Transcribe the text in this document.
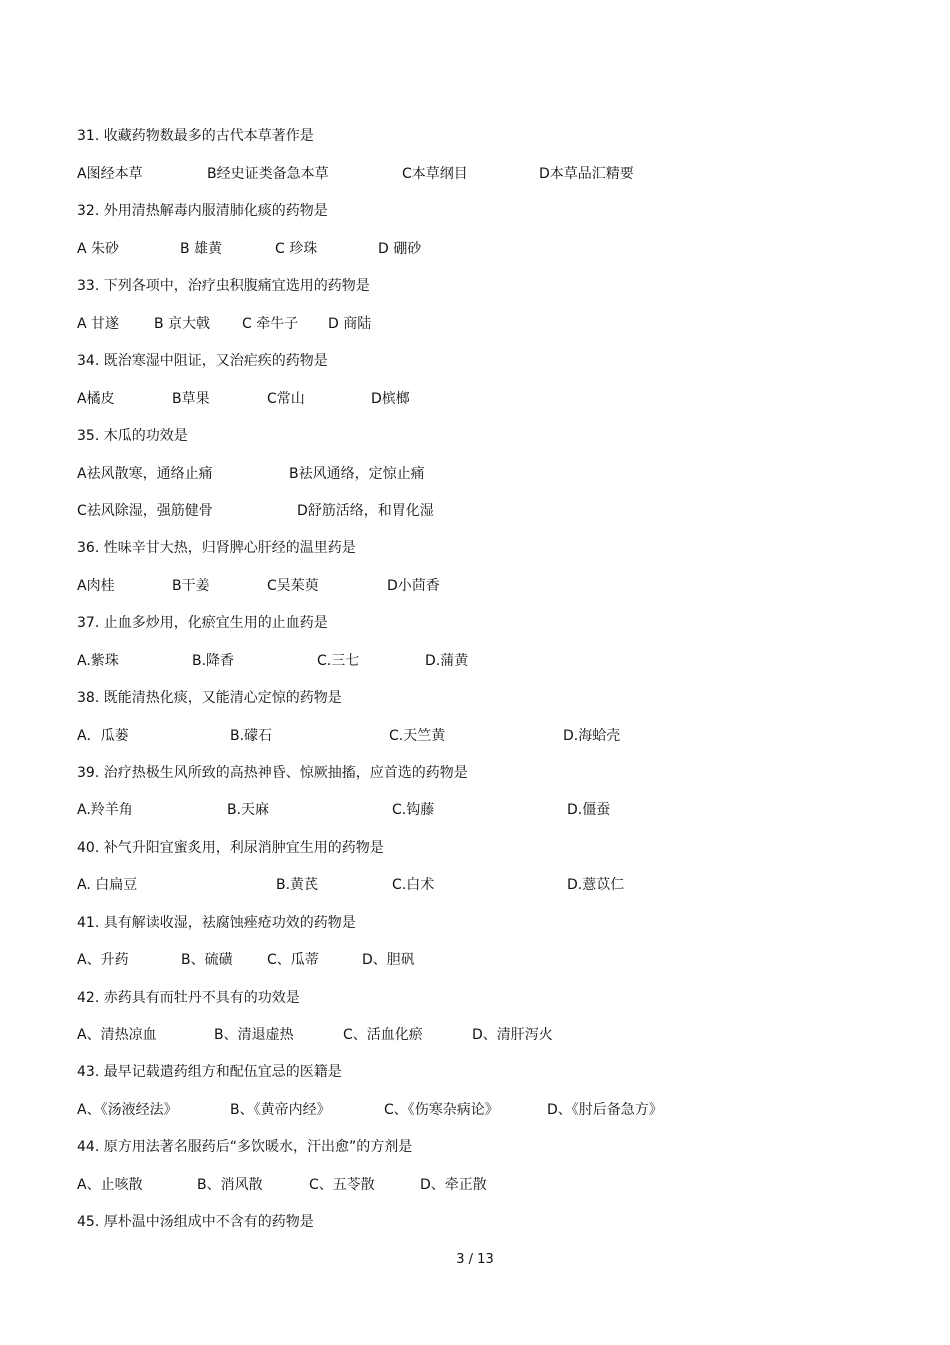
31. 收藏药物数最多的古代本草著作是
A图经本草	B经史证类备急本草	C本草纲目	D本草品汇精要
32. 外用清热解毒内服清肺化痰的药物是
A 朱砂	B 雄黄	C 珍珠	D 硼砂
33. 下列各项中，治疗虫积腹痛宜选用的药物是
A 甘遂 B 京大戟 C 牵牛子 D 商陆
34. 既治寒湿中阻证，又治疟疾的药物是
A橘皮	B草果	C常山	D槟榔
35. 木瓜的功效是
A祛风散寒，通络止痛	B祛风通络，定惊止痛
C祛风除湿，强筋健骨	D舒筋活络，和胃化湿
36. 性味辛甘大热，归肾脾心肝经的温里药是
A肉桂	B干姜	C吴茱萸	D小茴香
37. 止血多炒用，化瘀宜生用的止血药是
A.紫珠	B.降香	C.三七	D.蒲黄
38. 既能清热化痰，又能清心定惊的药物是
A．瓜蒌	B.礞石	C.天竺黄	D.海蛤壳
39. 治疗热极生风所致的高热神昏、惊厥抽搐，应首选的药物是
A.羚羊角	B.天麻	C.钩藤	D.僵蚕
40. 补气升阳宜蜜炙用，利尿消肿宜生用的药物是
A. 白扁豆	B.黄芪	C.白术	D.薏苡仁
41. 具有解读收湿，祛腐蚀痤疮功效的药物是
A、升药	B、硫磺 C、瓜蒂	D、胆矾
42. 赤药具有而牡丹不具有的功效是
A、清热凉血	B、清退虚热	C、活血化瘀	D、清肝泻火
43. 最早记载遣药组方和配伍宜忌的医籍是
A、《汤液经法》	B、《黄帝内经》	C、《伤寒杂病论》	D、《肘后备急方》
44. 原方用法著名服药后“多饮暖水，汗出愈”的方剂是
A、止咳散	B、消风散	C、五苓散	D、牵正散
45. 厚朴温中汤组成中不含有的药物是
3 / 13
